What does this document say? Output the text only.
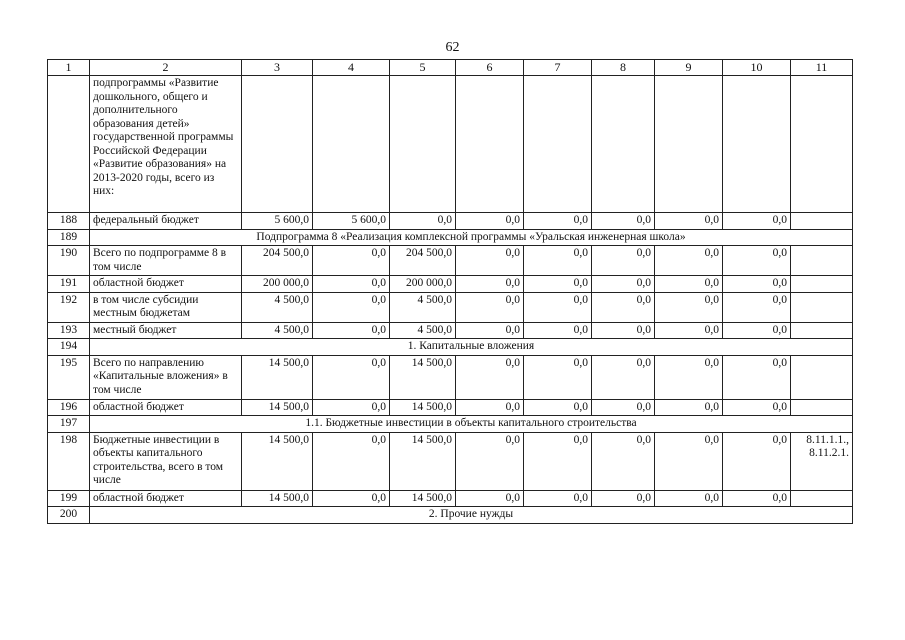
62
1	2	3	4	5	6	7	8	9	10	11
	подпрограммы «Развитие дошкольного, общего и дополнительного образования детей» государственной программы Российской Федерации «Развитие образования» на 2013-2020 годы, всего из них:									
188	федеральный бюджет	5 600,0	5 600,0	0,0	0,0	0,0	0,0	0,0	0,0	
189	Подпрограмма 8 «Реализация комплексной программы «Уральская инженерная школа»									
190	Всего по подпрограмме 8 в том числе	204 500,0	0,0	204 500,0	0,0	0,0	0,0	0,0	0,0	
191	областной бюджет	200 000,0	0,0	200 000,0	0,0	0,0	0,0	0,0	0,0	
192	в том числе субсидии местным бюджетам	4 500,0	0,0	4 500,0	0,0	0,0	0,0	0,0	0,0	
193	местный бюджет	4 500,0	0,0	4 500,0	0,0	0,0	0,0	0,0	0,0	
194	1. Капитальные вложения									
195	Всего по направлению «Капитальные вложения» в том числе	14 500,0	0,0	14 500,0	0,0	0,0	0,0	0,0	0,0	
196	областной бюджет	14 500,0	0,0	14 500,0	0,0	0,0	0,0	0,0	0,0	
197	1.1. Бюджетные инвестиции в объекты капитального строительства									
198	Бюджетные инвестиции в объекты капитального строительства, всего в том числе	14 500,0	0,0	14 500,0	0,0	0,0	0,0	0,0	0,0	8.11.1.1., 8.11.2.1.
199	областной бюджет	14 500,0	0,0	14 500,0	0,0	0,0	0,0	0,0	0,0	
200	2. Прочие нужды									
